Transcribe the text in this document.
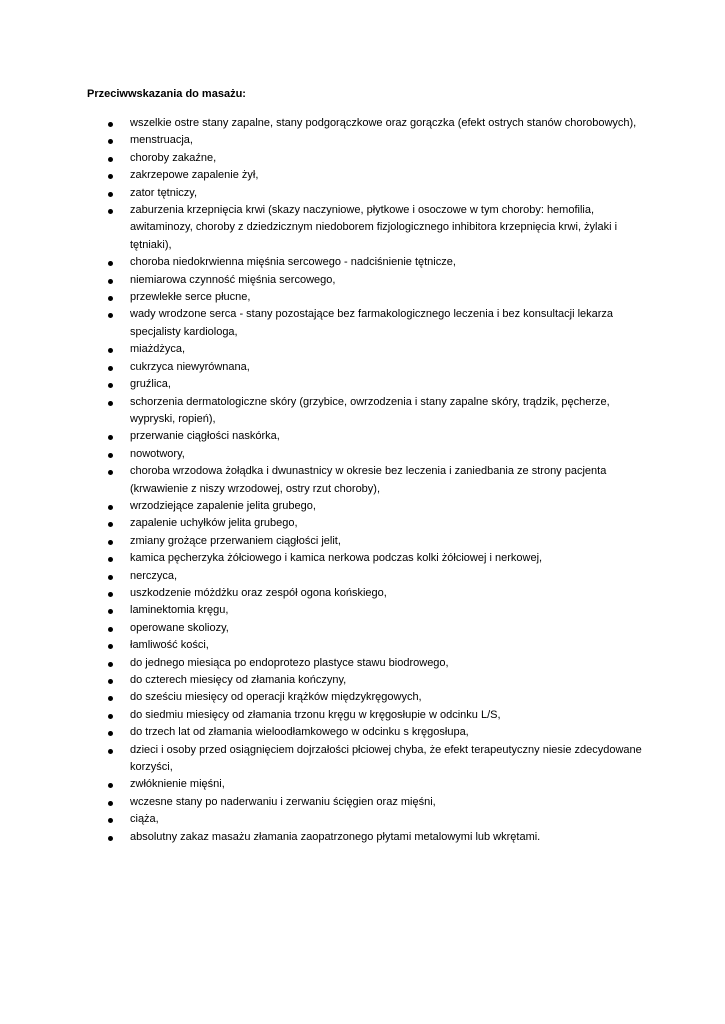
Przeciwwskazania do masażu:
wszelkie ostre stany zapalne, stany podgorączkowe oraz gorączka (efekt ostrych stanów chorobowych),
menstruacja,
choroby zakaźne,
zakrzepowe zapalenie żył,
zator tętniczy,
zaburzenia krzepnięcia krwi (skazy naczyniowe, płytkowe i osoczowe w tym choroby: hemofilia, awitaminozy, choroby z dziedzicznym niedoborem fizjologicznego inhibitora krzepnięcia krwi, żylaki i tętniaki),
choroba niedokrwienna mięśnia sercowego - nadciśnienie tętnicze,
niemiarowa czynność mięśnia sercowego,
przewlekłe serce płucne,
wady wrodzone serca - stany pozostające bez farmakologicznego leczenia i bez konsultacji lekarza specjalisty kardiologa,
miażdżyca,
cukrzyca niewyrównana,
gruźlica,
schorzenia dermatologiczne skóry (grzybice, owrzodzenia i stany zapalne skóry, trądzik, pęcherze, wypryski, ropień),
przerwanie ciągłości naskórka,
nowotwory,
choroba wrzodowa żołądka i dwunastnicy w okresie bez leczenia i zaniedbania ze strony pacjenta (krwawienie z niszy wrzodowej, ostry rzut choroby),
wrzodziejące zapalenie jelita grubego,
zapalenie uchyłków jelita grubego,
zmiany grożące przerwaniem ciągłości jelit,
kamica pęcherzyka żółciowego i kamica nerkowa podczas kolki żółciowej i nerkowej,
nerczyca,
uszkodzenie móżdżku oraz zespół ogona końskiego,
laminektomia kręgu,
operowane skoliozy,
łamliwość kości,
do jednego miesiąca po endoprotezo plastyce stawu biodrowego,
do czterech miesięcy od złamania kończyny,
do sześciu miesięcy od operacji krążków międzykręgowych,
do siedmiu miesięcy od złamania trzonu kręgu w kręgosłupie w odcinku L/S,
do trzech lat od złamania wieloodłamkowego w odcinku s kręgosłupa,
dzieci i osoby przed osiągnięciem dojrzałości płciowej chyba, że efekt terapeutyczny niesie zdecydowane korzyści,
zwłóknienie mięśni,
wczesne stany po naderwaniu i zerwaniu ścięgien oraz mięśni,
ciąża,
absolutny zakaz masażu złamania zaopatrzonego płytami metalowymi lub wkrętami.
